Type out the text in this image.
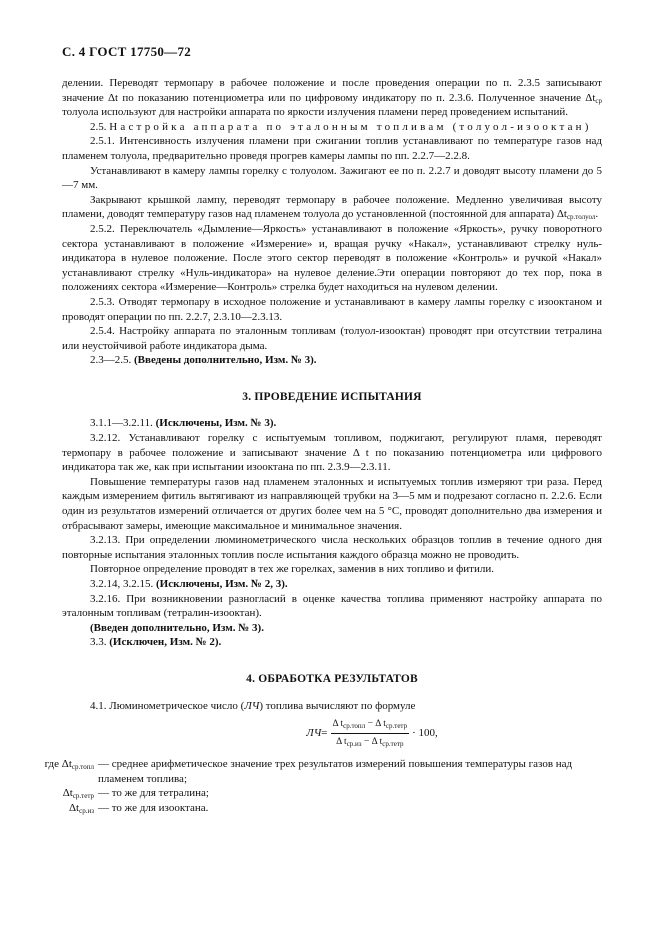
С. 4 ГОСТ 17750—72

делении. Переводят термопару в рабочее положение и после проведения операции по п. 2.3.5 записывают значение Δt по показанию потенциометра или по цифровому индикатору по п. 2.3.6. Полученное значение $\Delta t_{ср}$ толуола используют для настройки аппарата по яркости излучения пламени перед проведением испытаний.

2.5. Настройка аппарата по эталонным топливам (толуол-изооктан)

2.5.1. Интенсивность излучения пламени при сжигании топлив устанавливают по температуре газов над пламенем толуола, предварительно проведя прогрев камеры лампы по пп. 2.2.7—2.2.8.

Устанавливают в камеру лампы горелку с толуолом. Зажигают ее по п. 2.2.7 и доводят высоту пламени до 5—7 мм.

Закрывают крышкой лампу, переводят термопару в рабочее положение. Медленно увеличивая высоту пламени, доводят температуру газов над пламенем толуола до установленной (постоянной для аппарата) $\Delta t_{ср.толуол}$.

2.5.2. Переключатель «Дымление—Яркость» устанавливают в положение «Яркость», ручку поворотного сектора устанавливают в положение «Измерение» и, вращая ручку «Накал», устанавливают стрелку нуль-индикатора в нулевое положение. После этого сектор переводят в положение «Контроль» и ручкой «Накал» устанавливают стрелку «Нуль-индикатора» на нулевое деление.Эти операции повторяют до тех пор, пока в положениях сектора «Измерение—Контроль» стрелка будет находиться на нулевом делении.

2.5.3. Отводят термопару в исходное положение и устанавливают в камеру лампы горелку с изооктаном и проводят операции по пп. 2.2.7, 2.3.10—2.3.13.

2.5.4. Настройку аппарата по эталонным топливам (толуол-изооктан) проводят при отсутствии тетралина или неустойчивой работе индикатора дыма.

2.3—2.5. (Введены дополнительно, Изм. № 3).

3. ПРОВЕДЕНИЕ ИСПЫТАНИЯ

3.1.1—3.2.11. (Исключены, Изм. № 3).

3.2.12. Устанавливают горелку с испытуемым топливом, поджигают, регулируют пламя, переводят термопару в рабочее положение и записывают значение Δ t по показанию потенциометра или цифрового индикатора так же, как при испытании изооктана по пп. 2.3.9—2.3.11.

Повышение температуры газов над пламенем эталонных и испытуемых топлив измеряют три раза. Перед каждым измерением фитиль вытягивают из направляющей трубки на 3—5 мм и подрезают согласно п. 2.2.6. Если один из результатов измерений отличается от других более чем на 5 °С, проводят дополнительно два измерения и отбрасывают замеры, имеющие максимальное и минимальное значения.

3.2.13. При определении люминометрического числа нескольких образцов топлив в течение одного дня повторные испытания эталонных топлив после испытания каждого образца можно не проводить.

Повторное определение проводят в тех же горелках, заменив в них топливо и фитили.

3.2.14, 3.2.15. (Исключены, Изм. № 2, 3).

3.2.16. При возникновении разногласий в оценке качества топлива применяют настройку аппарата по эталонным топливам (тетралин-изооктан).

(Введен дополнительно, Изм. № 3).

3.3. (Исключен, Изм. № 2).

4. ОБРАБОТКА РЕЗУЛЬТАТОВ

4.1. Люминометрическое число (ЛЧ) топлива вычисляют по формуле

ЛЧ = $\frac{\Delta t_{ср.топл} - \Delta t_{ср.тетр}}{\Delta t_{ср.из} - \Delta t_{ср.тетр}} \cdot 100$,
где $\Delta t_{ср.топл}$ — среднее арифметическое значение трех результатов измерений повышения температуры газов над пламенем топлива;
$\Delta t_{ср.тетр}$ — то же для тетралина;
$\Delta t_{ср.из}$ — то же для изооктана.
